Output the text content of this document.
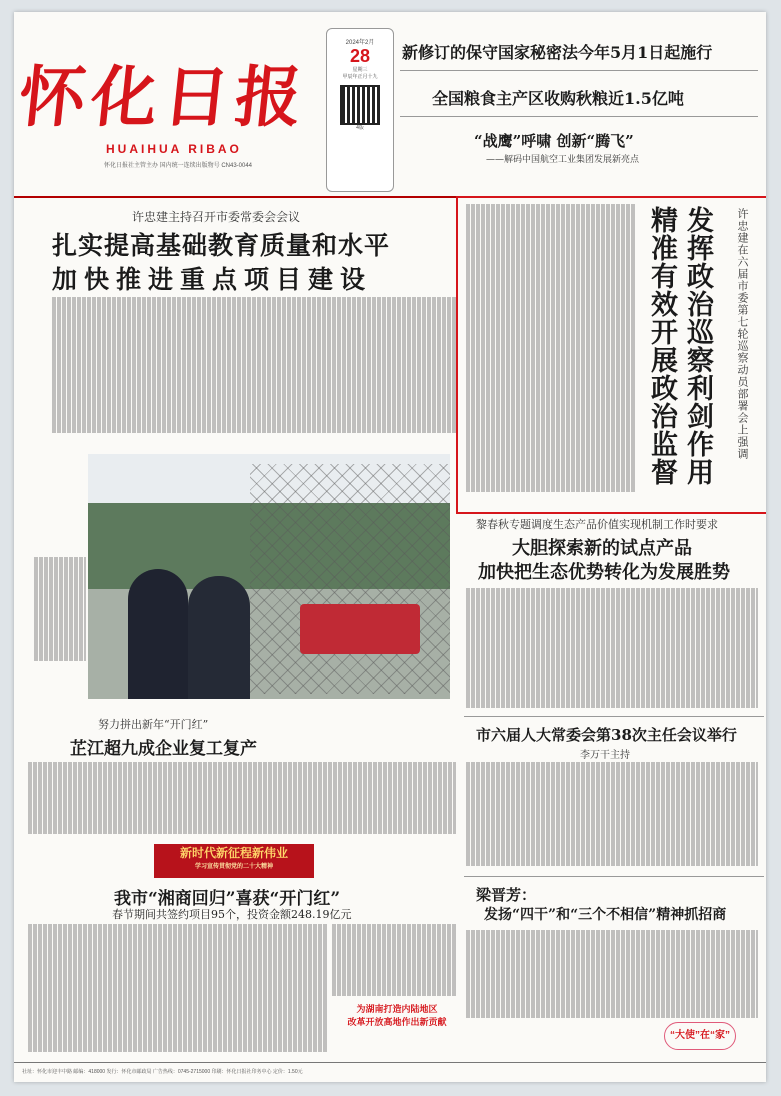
怀化日报
HUAIHUA RIBAO
怀化日报社主管主办 国内统一连续出版物号 CN43-0044
2024年2月
28
星期三
甲辰年正月十九
4版
新修订的保守国家秘密法今年5月1日起施行
全国粮食主产区收购秋粮近1.5亿吨
“战鹰”呼啸 创新“腾飞”
——解码中国航空工业集团发展新亮点
许忠建主持召开市委常委会会议
扎实提高基础教育质量和水平
加快推进重点项目建设	精准有效开展政治监督 发挥政治巡察利剑作用 许忠建在六届市委第七轮巡察动员部署会上强调
黎春秋专题调度生态产品价值实现机制工作时要求
大胆探索新的试点产品
加快把生态优势转化为发展胜势
努力拼出新年“开门红”
芷江超九成企业复工复产
市六届人大常委会第38次主任会议举行
李万干主持
新时代新征程新伟业
学习宣传贯彻党的二十大精神
我市“湘商回归”喜获“开门红”
春节期间共签约项目95个，投资金额248.19亿元
为湖南打造内陆地区
改革开放高地作出新贡献
梁晋芳：
发扬“四干”和“三个不相信”精神抓招商
“大使”在“家”
社址：怀化市迎丰中路 邮编：418000 发行：怀化市邮政局 广告热线：0745-2715000 印刷：怀化日报社印务中心 定价：1.50元
